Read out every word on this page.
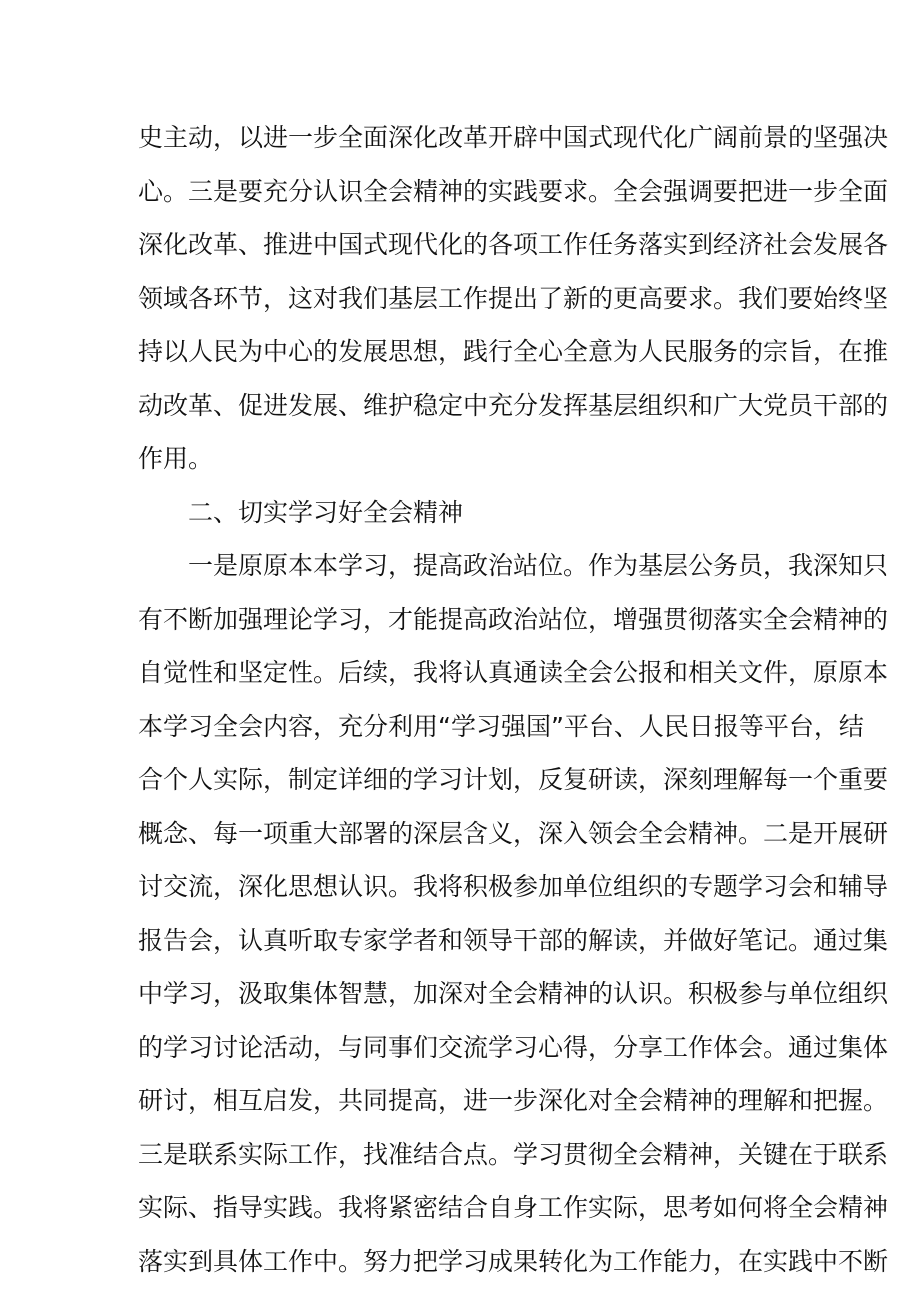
史主动，以进一步全面深化改革开辟中国式现代化广阔前景的坚强决
心。三是要充分认识全会精神的实践要求。全会强调要把进一步全面
深化改革、推进中国式现代化的各项工作任务落实到经济社会发展各
领域各环节，这对我们基层工作提出了新的更高要求。我们要始终坚
持以人民为中心的发展思想，践行全心全意为人民服务的宗旨，在推
动改革、促进发展、维护稳定中充分发挥基层组织和广大党员干部的
作用。
二、切实学习好全会精神
一是原原本本学习，提高政治站位。作为基层公务员，我深知只
有不断加强理论学习，才能提高政治站位，增强贯彻落实全会精神的
自觉性和坚定性。后续，我将认真通读全会公报和相关文件，原原本
本学习全会内容，充分利用“学习强国”平台、人民日报等平台，结
合个人实际，制定详细的学习计划，反复研读，深刻理解每一个重要
概念、每一项重大部署的深层含义，深入领会全会精神。二是开展研
讨交流，深化思想认识。我将积极参加单位组织的专题学习会和辅导
报告会，认真听取专家学者和领导干部的解读，并做好笔记。通过集
中学习，汲取集体智慧，加深对全会精神的认识。积极参与单位组织
的学习讨论活动，与同事们交流学习心得，分享工作体会。通过集体
研讨，相互启发，共同提高，进一步深化对全会精神的理解和把握。
三是联系实际工作，找准结合点。学习贯彻全会精神，关键在于联系
实际、指导实践。我将紧密结合自身工作实际，思考如何将全会精神
落实到具体工作中。努力把学习成果转化为工作能力，在实践中不断
